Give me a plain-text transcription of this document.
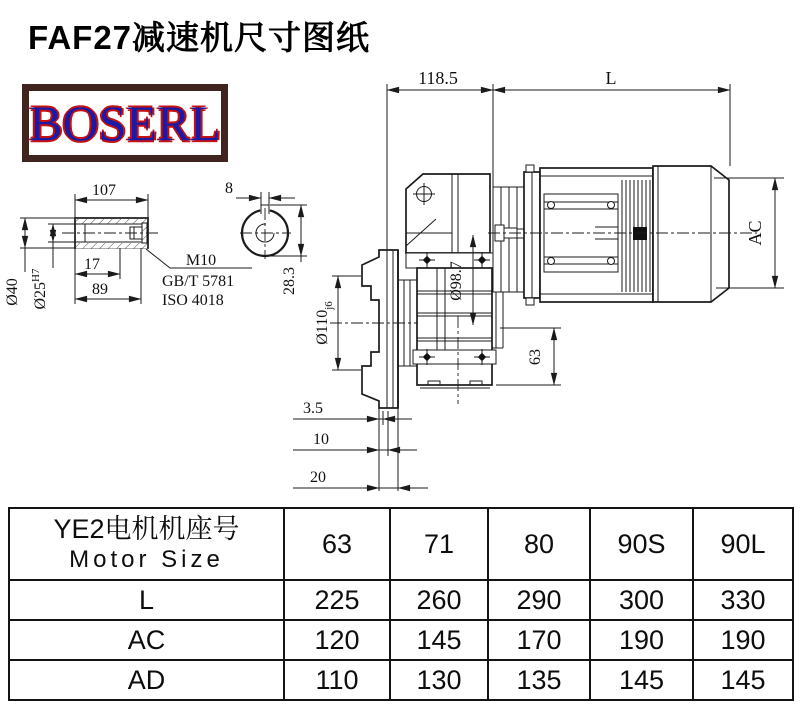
FAF27减速机尺寸图纸
BOSERL
107
Ø40 $Ø25^{H7}$
17
89
M10
GB/T 5781
ISO 4018
8
28.3
118.5	L
$Ø110_{j6}$
3.5
10
20
Ø98.7
63
AC
YE2电机机座号
Motor Size	63	71	80	90S	90L
L	225	260	290	300	330
AC	120	145	170	190	190
AD	110	130	135	145	145
